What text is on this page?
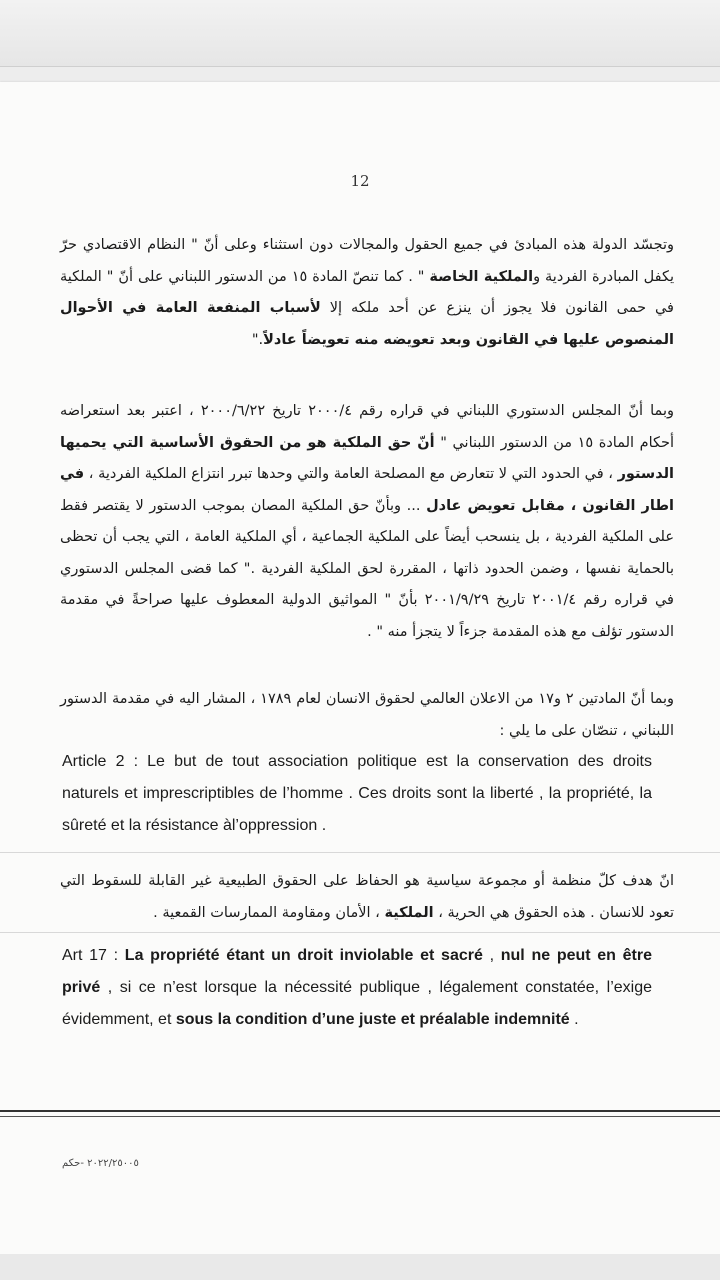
12
وتجسّد الدولة هذه المبادئ في جميع الحقول والمجالات دون استثناء وعلى أنّ " النظام الاقتصادي حرّ يكفل المبادرة الفردية والملكية الخاصة " . كما تنصّ المادة ١٥ من الدستور اللبناني على أنّ " الملكية في حمى القانون فلا يجوز أن ينزع عن أحد ملكه إلا لأسباب المنفعة العامة في الأحوال المنصوص عليها في القانون وبعد تعويضه منه تعويضاً عادلاً."
وبما أنّ المجلس الدستوري اللبناني في قراره رقم ٢٠٠٠/٤ تاريخ ٢٠٠٠/٦/٢٢ ، اعتبر بعد استعراضه أحكام المادة ١٥ من الدستور اللبناني " أنّ حق الملكية هو من الحقوق الأساسية التي يحميها الدستور ، في الحدود التي لا تتعارض مع المصلحة العامة والتي وحدها تبرر انتزاع الملكية الفردية ، في اطار القانون ، مقابل تعويض عادل ... وبأنّ حق الملكية المصان بموجب الدستور لا يقتصر فقط على الملكية الفردية ، بل ينسحب أيضاً على الملكية الجماعية ، أي الملكية العامة ، التي يجب أن تحظى بالحماية نفسها ، وضمن الحدود ذاتها ، المقررة لحق الملكية الفردية ." كما قضى المجلس الدستوري في قراره رقم ٢٠٠١/٤ تاريخ ٢٠٠١/٩/٢٩ بأنّ " المواثيق الدولية المعطوف عليها صراحةً في مقدمة الدستور تؤلف مع هذه المقدمة جزءاً لا يتجزأ منه " .
وبما أنّ المادتين ٢ و١٧ من الاعلان العالمي لحقوق الانسان لعام ١٧٨٩ ، المشار اليه في مقدمة الدستور اللبناني ، تنصّان على ما يلي :
Article 2 : Le but de tout association politique est la conservation des droits naturels et imprescriptibles de l’homme . Ces droits sont la liberté , la propriété, la sûreté et la résistance àl’oppression .
انّ هدف كلّ منظمة أو مجموعة سياسية هو الحفاظ على الحقوق الطبيعية غير القابلة للسقوط التي تعود للانسان . هذه الحقوق هي الحرية ، الملكية ، الأمان ومقاومة الممارسات القمعية .
Art 17 : La propriété étant un droit inviolable et sacré , nul ne peut en être privé , si ce n’est lorsque la nécessité publique , légalement constatée, l’exige évidemment, et sous la condition d’une juste et préalable indemnité .
٢٠٢٢/٢٥٠٠٥ -حكم
